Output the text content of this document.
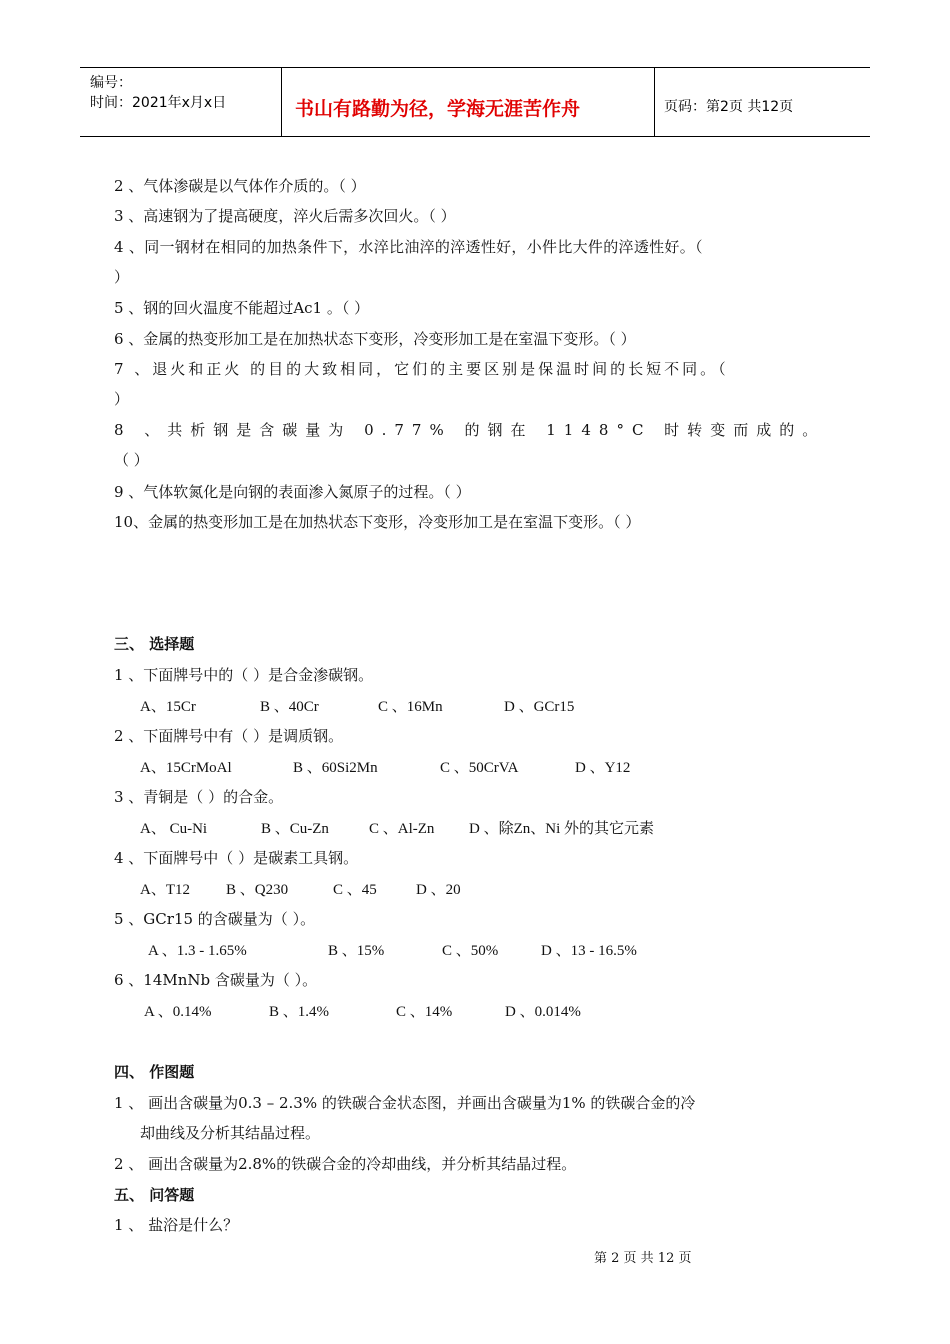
编号：
时间：2021年x月x日	书山有路勤为径，学海无涯苦作舟	页码：第2页 共12页
2 、气体渗碳是以气体作介质的。（ ）
3 、高速钢为了提高硬度，淬火后需多次回火。（ ）
4 、同一钢材在相同的加热条件下，水淬比油淬的淬透性好，小件比大件的淬透性好。（
）
5 、钢的回火温度不能超过Ac1 。（ ）
6 、金属的热变形加工是在加热状态下变形，冷变形加工是在室温下变形。（ ）
7 、退火和正火 的目的大致相同，它们的主要区别是保温时间的长短不同。（
）
8 、共析钢是含碳量为 0.77% 的钢在 1148°C 时转变而成的。
（ ）
9 、气体软氮化是向钢的表面渗入氮原子的过程。（ ）
10、金属的热变形加工是在加热状态下变形，冷变形加工是在室温下变形。（ ）
三、 选择题
1 、下面牌号中的（ ）是合金渗碳钢。
A、15Cr	B 、40Cr	C 、16Mn	D 、GCr15
2 、下面牌号中有（ ）是调质钢。
A、15CrMoAl	B 、60Si2Mn	C 、50CrVA	D 、Y12
3 、青铜是（ ）的合金。
A、 Cu-Ni	B 、Cu-Zn	C 、Al-Zn D 、除Zn、Ni 外的其它元素
4 、下面牌号中（ ）是碳素工具钢。
A、T12 B 、Q230	C 、45	D 、20
5 、GCr15 的含碳量为（ ）。
A 、1.3 - 1.65%	B 、15%	C 、50%	D 、13 - 16.5%
6 、14MnNb 含碳量为（ ）。
A 、0.14%	B 、1.4%	C 、14%	D 、0.014%
四、 作图题
1 、 画出含碳量为0.3 – 2.3% 的铁碳合金状态图，并画出含碳量为1% 的铁碳合金的冷
却曲线及分析其结晶过程。
2 、 画出含碳量为2.8%的铁碳合金的冷却曲线，并分析其结晶过程。
五、 问答题
1 、 盐浴是什么？
第 2 页 共 12 页
